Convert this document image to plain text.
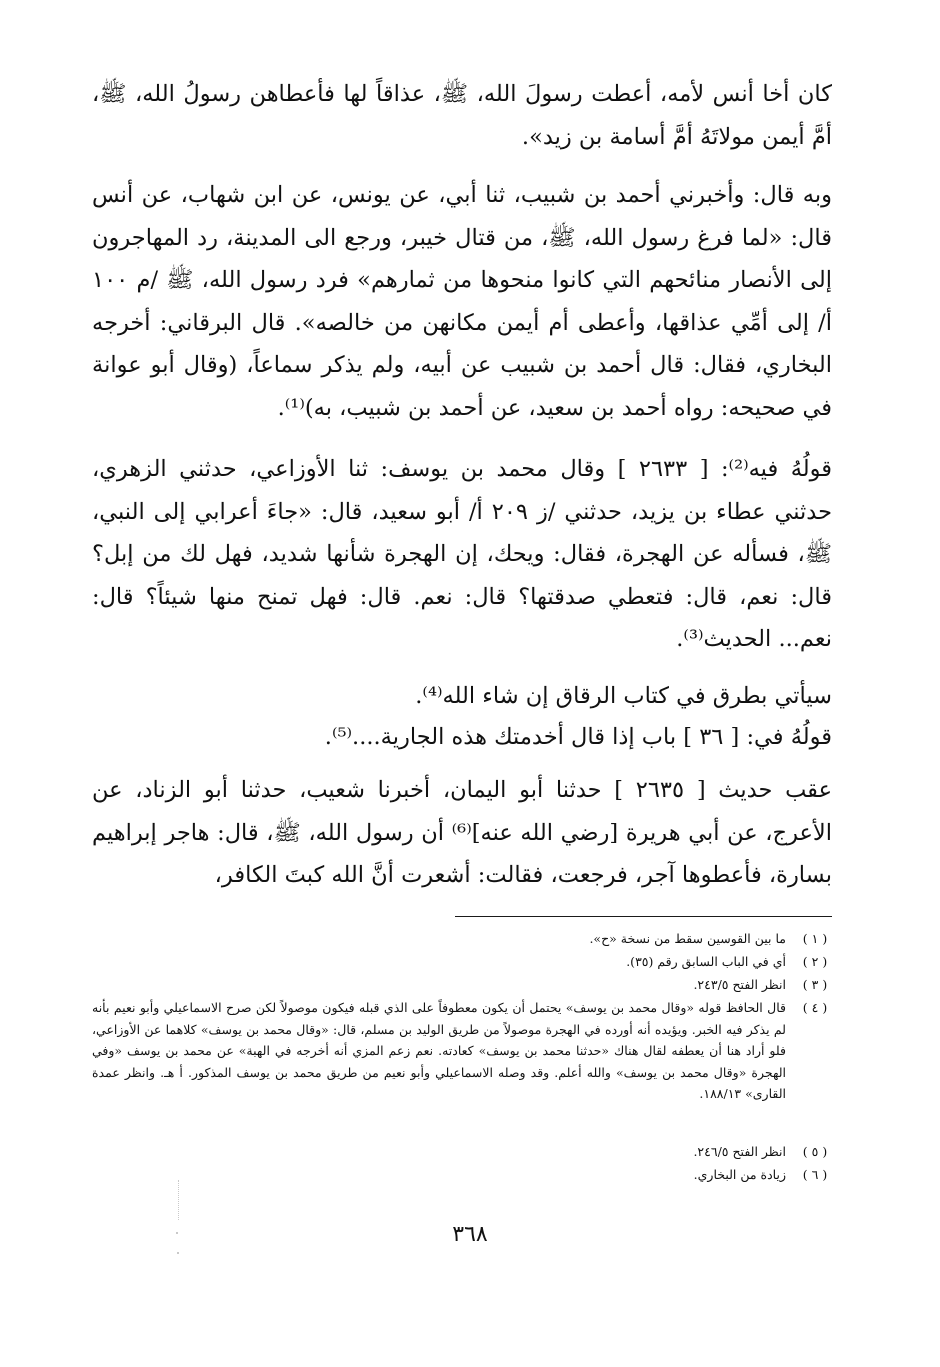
كان أخا أنس لأمه، أعطت رسولَ الله، ﷺ، عذاقاً لها فأعطاهن رسولُ الله، ﷺ، أمَّ أيمن مولاتَهُ أمَّ أسامة بن زيد».

وبه قال: وأخبرني أحمد بن شبيب، ثنا أبي، عن يونس، عن ابن شهاب، عن أنس قال: «لما فرغ رسول الله، ﷺ، من قتال خيبر، ورجع الى المدينة، رد المهاجرون إلى الأنصار منائحهم التي كانوا منحوها من ثمارهم» فرد رسول الله، ﷺ /م ١٠٠ أ/ إلى أمِّي عذاقها، وأعطى أم أيمن مكانهن من خالصه». قال البرقاني: أخرجه البخاري، فقال: قال أحمد بن شبيب عن أبيه، ولم يذكر سماعاً، (وقال أبو عوانة في صحيحه: رواه أحمد بن سعيد، عن أحمد بن شبيب، به)⁽¹⁾.

قولُهُ فيه⁽²⁾: [ ٢٦٣٣ ] وقال محمد بن يوسف: ثنا الأوزاعي، حدثني الزهري، حدثني عطاء بن يزيد، حدثني /ز ٢٠٩ أ/ أبو سعيد، قال: «جاءَ أعرابي إلى النبي، ﷺ، فسأله عن الهجرة، فقال: ويحك، إن الهجرة شأنها شديد، فهل لك من إبل؟ قال: نعم، قال: فتعطي صدقتها؟ قال: نعم. قال: فهل تمنح منها شيئاً؟ قال: نعم... الحديث⁽³⁾.

سيأتي بطرق في كتاب الرقاق إن شاء الله⁽⁴⁾.

قولُهُ في: [ ٣٦ ] باب إذا قال أخدمتك هذه الجارية....⁽⁵⁾.

عقب حديث [ ٢٦٣٥ ] حدثنا أبو اليمان، أخبرنا شعيب، حدثنا أبو الزناد، عن الأعرج، عن أبي هريرة [رضي الله عنه]⁽⁶⁾ أن رسول الله، ﷺ، قال: هاجر إبراهيم بسارة، فأعطوها آجر، فرجعت، فقالت: أشعرت أنَّ الله كبتَ الكافر،

( ١ )
ما بين القوسين سقط من نسخة «ح».
( ٢ )
أي في الباب السابق رقم (٣٥).
( ٣ )
انظر الفتح ٢٤٣/٥.
( ٤ )
قال الحافظ قوله «وقال محمد بن يوسف» يحتمل أن يكون معطوفاً على الذي قبله فيكون موصولاً لكن صرح الاسماعيلي وأبو نعيم بأنه لم يذكر فيه الخبر. ويؤيده أنه أورده في الهجرة موصولاً من طريق الوليد بن مسلم، قال: «وقال محمد بن يوسف» كلاهما عن الأوزاعي، فلو أراد هنا أن يعطفه لقال هناك «حدثنا محمد بن يوسف» كعادته. نعم زعم المزي أنه أخرجه في الهبة» عن محمد بن يوسف «وفي الهجرة «وقال محمد بن يوسف» والله أعلم. وقد وصله الاسماعيلي وأبو نعيم من طريق محمد بن يوسف المذكور. أ هـ. وانظر عمدة القارى» ١٨٨/١٣.
( ٥ )
انظر الفتح ٢٤٦/٥.
( ٦ )
زيادة من البخاري.
٣٦٨
